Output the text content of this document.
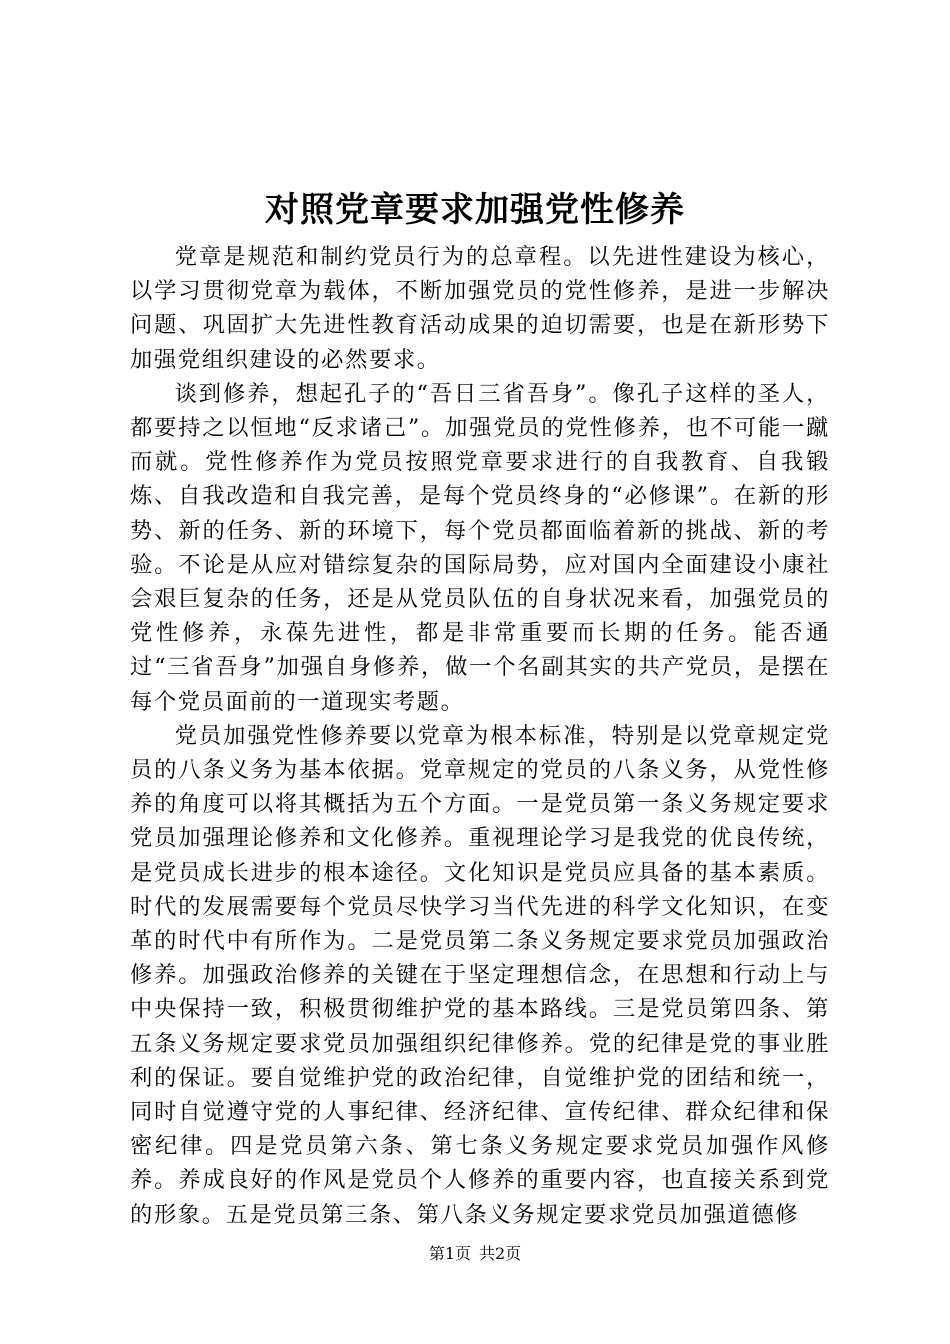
对照党章要求加强党性修养

党章是规范和制约党员行为的总章程。以先进性建设为核心，以学习贯彻党章为载体，不断加强党员的党性修养，是进一步解决问题、巩固扩大先进性教育活动成果的迫切需要，也是在新形势下加强党组织建设的必然要求。

谈到修养，想起孔子的“吾日三省吾身”。像孔子这样的圣人，都要持之以恒地“反求诸己”。加强党员的党性修养，也不可能一蹴而就。党性修养作为党员按照党章要求进行的自我教育、自我锻炼、自我改造和自我完善，是每个党员终身的“必修课”。在新的形势、新的任务、新的环境下，每个党员都面临着新的挑战、新的考验。不论是从应对错综复杂的国际局势，应对国内全面建设小康社会艰巨复杂的任务，还是从党员队伍的自身状况来看，加强党员的党性修养，永葆先进性，都是非常重要而长期的任务。能否通过“三省吾身”加强自身修养，做一个名副其实的共产党员，是摆在每个党员面前的一道现实考题。

党员加强党性修养要以党章为根本标准，特别是以党章规定党员的八条义务为基本依据。党章规定的党员的八条义务，从党性修养的角度可以将其概括为五个方面。一是党员第一条义务规定要求党员加强理论修养和文化修养。重视理论学习是我党的优良传统，是党员成长进步的根本途径。文化知识是党员应具备的基本素质。时代的发展需要每个党员尽快学习当代先进的科学文化知识，在变革的时代中有所作为。二是党员第二条义务规定要求党员加强政治修养。加强政治修养的关键在于坚定理想信念，在思想和行动上与中央保持一致，积极贯彻维护党的基本路线。三是党员第四条、第五条义务规定要求党员加强组织纪律修养。党的纪律是党的事业胜利的保证。要自觉维护党的政治纪律，自觉维护党的团结和统一，同时自觉遵守党的人事纪律、经济纪律、宣传纪律、群众纪律和保密纪律。四是党员第六条、第七条义务规定要求党员加强作风修养。养成良好的作风是党员个人修养的重要内容，也直接关系到党的形象。五是党员第三条、第八条义务规定要求党员加强道德修

第1页 共2页
